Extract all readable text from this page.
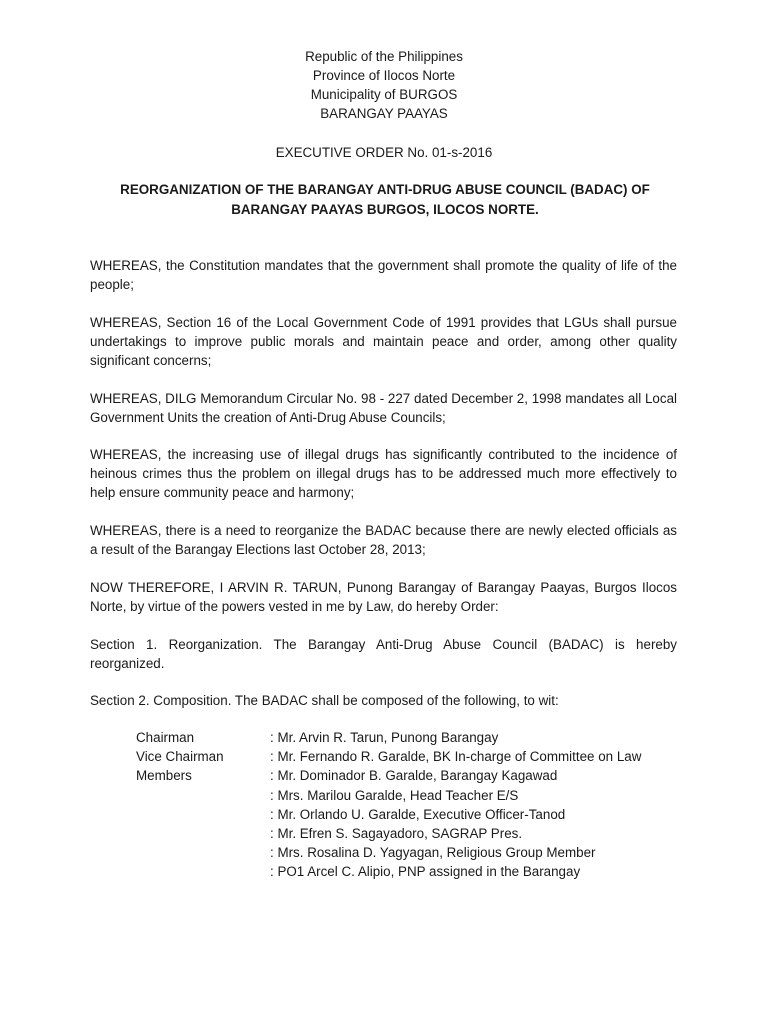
Republic of the Philippines
Province of Ilocos Norte
Municipality of BURGOS
BARANGAY PAAYAS
EXECUTIVE ORDER No. 01-s-2016
REORGANIZATION OF THE BARANGAY ANTI-DRUG ABUSE COUNCIL (BADAC) OF BARANGAY PAAYAS BURGOS, ILOCOS NORTE.
WHEREAS, the Constitution mandates that the government shall promote the quality of life of the people;
WHEREAS, Section 16 of the Local Government Code of 1991 provides that LGUs shall pursue undertakings to improve public morals and maintain peace and order, among other quality significant concerns;
WHEREAS, DILG Memorandum Circular No. 98 - 227 dated December 2, 1998 mandates all Local Government Units the creation of Anti-Drug Abuse Councils;
WHEREAS, the increasing use of illegal drugs has significantly contributed to the incidence of heinous crimes thus the problem on illegal drugs has to be addressed much more effectively to help ensure community peace and harmony;
WHEREAS, there is a need to reorganize the BADAC because there are newly elected officials as a result of the Barangay Elections last October 28, 2013;
NOW THEREFORE, I ARVIN R. TARUN, Punong Barangay of Barangay Paayas, Burgos Ilocos Norte, by virtue of the powers vested in me by Law, do hereby Order:
Section 1. Reorganization. The Barangay Anti-Drug Abuse Council (BADAC) is hereby reorganized.
Section 2. Composition. The BADAC shall be composed of the following, to wit:
Chairman	: Mr. Arvin R. Tarun, Punong Barangay
Vice Chairman	: Mr. Fernando R. Garalde, BK In-charge of Committee on Law
Members	: Mr. Dominador B. Garalde, Barangay Kagawad
: Mrs. Marilou Garalde, Head Teacher E/S
: Mr. Orlando U. Garalde, Executive Officer-Tanod
: Mr. Efren S. Sagayadoro, SAGRAP Pres.
: Mrs. Rosalina D. Yagyagan, Religious Group Member
: PO1 Arcel C. Alipio, PNP assigned in the Barangay
